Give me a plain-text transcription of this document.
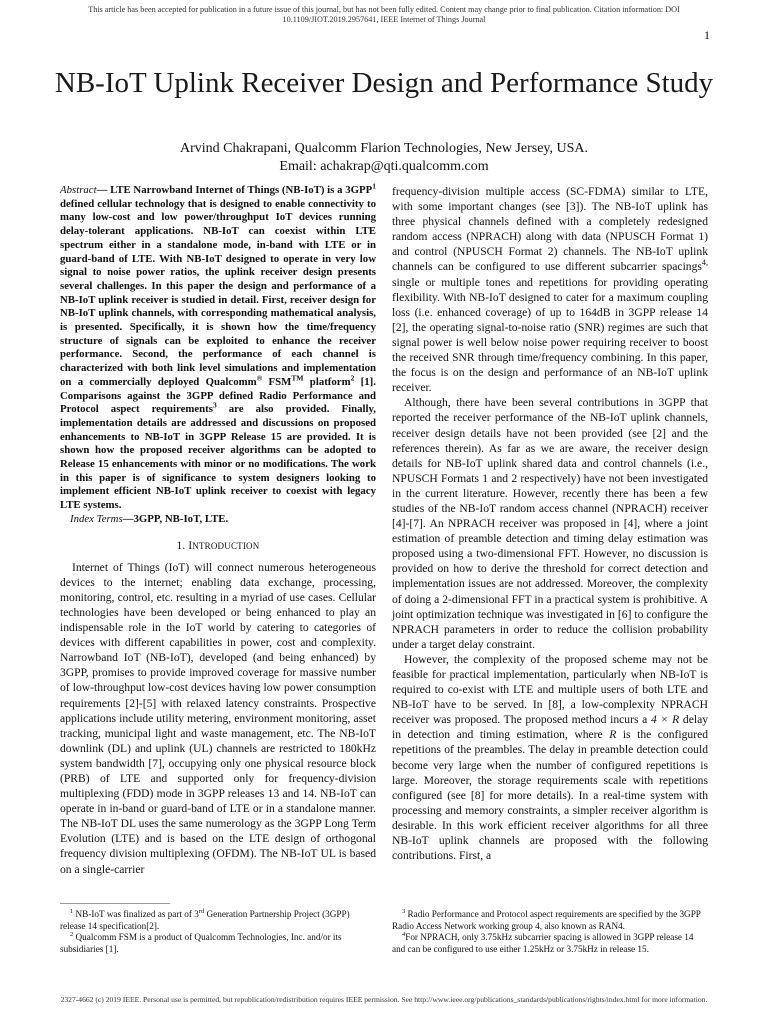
This article has been accepted for publication in a future issue of this journal, but has not been fully edited. Content may change prior to final publication. Citation information: DOI 10.1109/JIOT.2019.2957641, IEEE Internet of Things Journal
1
NB-IoT Uplink Receiver Design and Performance Study
Arvind Chakrapani, Qualcomm Flarion Technologies, New Jersey, USA.
Email: achakrap@qti.qualcomm.com

Abstract— LTE Narrowband Internet of Things (NB-IoT) is a 3GPP$^1$ defined cellular technology that is designed to enable connectivity to many low-cost and low power/throughput IoT devices running delay-tolerant applications. NB-IoT can coexist within LTE spectrum either in a standalone mode, in-band with LTE or in guard-band of LTE. With NB-IoT designed to operate in very low signal to noise power ratios, the uplink receiver design presents several challenges. In this paper the design and performance of a NB-IoT uplink receiver is studied in detail. First, receiver design for NB-IoT uplink channels, with corresponding mathematical analysis, is presented. Specifically, it is shown how the time/frequency structure of signals can be exploited to enhance the receiver performance. Second, the performance of each channel is characterized with both link level simulations and implementation on a commercially deployed Qualcomm® FSM™ platform$^2$ [1]. Comparisons against the 3GPP defined Radio Performance and Protocol aspect requirements$^3$ are also provided. Finally, implementation details are addressed and discussions on proposed enhancements to NB-IoT in 3GPP Release 15 are provided. It is shown how the proposed receiver algorithms can be adopted to Release 15 enhancements with minor or no modifications. The work in this paper is of significance to system designers looking to implement efficient NB-IoT uplink receiver to coexist with legacy LTE systems.

Index Terms—3GPP, NB-IoT, LTE.

1. INTRODUCTION

Internet of Things (IoT) will connect numerous heterogeneous devices to the internet; enabling data exchange, processing, monitoring, control, etc. resulting in a myriad of use cases. Cellular technologies have been developed or being enhanced to play an indispensable role in the IoT world by catering to categories of devices with different capabilities in power, cost and complexity. Narrowband IoT (NB-IoT), developed (and being enhanced) by 3GPP, promises to provide improved coverage for massive number of low-throughput low-cost devices having low power consumption requirements [2]-[5] with relaxed latency constraints. Prospective applications include utility metering, environment monitoring, asset tracking, municipal light and waste management, etc. The NB-IoT downlink (DL) and uplink (UL) channels are restricted to 180kHz system bandwidth [7], occupying only one physical resource block (PRB) of LTE and supported only for frequency-division multiplexing (FDD) mode in 3GPP releases 13 and 14. NB-IoT can operate in in-band or guard-band of LTE or in a standalone manner. The NB-IoT DL uses the same numerology as the 3GPP Long Term Evolution (LTE) and is based on the LTE design of orthogonal frequency division multiplexing (OFDM). The NB-IoT UL is based on a single-carrier

frequency-division multiple access (SC-FDMA) similar to LTE, with some important changes (see [3]). The NB-IoT uplink has three physical channels defined with a completely redesigned random access (NPRACH) along with data (NPUSCH Format 1) and control (NPUSCH Format 2) channels. The NB-IoT uplink channels can be configured to use different subcarrier spacings$^{4,}$ single or multiple tones and repetitions for providing operating flexibility. With NB-IoT designed to cater for a maximum coupling loss (i.e. enhanced coverage) of up to 164dB in 3GPP release 14 [2], the operating signal-to-noise ratio (SNR) regimes are such that signal power is well below noise power requiring receiver to boost the received SNR through time/frequency combining. In this paper, the focus is on the design and performance of an NB-IoT uplink receiver.

Although, there have been several contributions in 3GPP that reported the receiver performance of the NB-IoT uplink channels, receiver design details have not been provided (see [2] and the references therein). As far as we are aware, the receiver design details for NB-IoT uplink shared data and control channels (i.e., NPUSCH Formats 1 and 2 respectively) have not been investigated in the current literature. However, recently there has been a few studies of the NB-IoT random access channel (NPRACH) receiver [4]-[7]. An NPRACH receiver was proposed in [4], where a joint estimation of preamble detection and timing delay estimation was proposed using a two-dimensional FFT. However, no discussion is provided on how to derive the threshold for correct detection and implementation issues are not addressed. Moreover, the complexity of doing a 2-dimensional FFT in a practical system is prohibitive. A joint optimization technique was investigated in [6] to configure the NPRACH parameters in order to reduce the collision probability under a target delay constraint.

However, the complexity of the proposed scheme may not be feasible for practical implementation, particularly when NB-IoT is required to co-exist with LTE and multiple users of both LTE and NB-IoT have to be served. In [8], a low-complexity NPRACH receiver was proposed. The proposed method incurs a 4 × R delay in detection and timing estimation, where R is the configured repetitions of the preambles. The delay in preamble detection could become very large when the number of configured repetitions is large. Moreover, the storage requirements scale with repetitions configured (see [8] for more details). In a real-time system with processing and memory constraints, a simpler receiver algorithm is desirable. In this work efficient receiver algorithms for all three NB-IoT uplink channels are proposed with the following contributions. First, a

$^1$ NB-IoT was finalized as part of 3rd Generation Partnership Project (3GPP) release 14 specification[2].

$^2$ Qualcomm FSM is a product of Qualcomm Technologies, Inc. and/or its subsidiaries [1].

$^3$ Radio Performance and Protocol aspect requirements are specified by the 3GPP Radio Access Network working group 4, also known as RAN4.

$^4$For NPRACH, only 3.75kHz subcarrier spacing is allowed in 3GPP release 14 and can be configured to use either 1.25kHz or 3.75kHz in release 15.

2327-4662 (c) 2019 IEEE. Personal use is permitted, but republication/redistribution requires IEEE permission. See http://www.ieee.org/publications_standards/publications/rights/index.html for more information.
